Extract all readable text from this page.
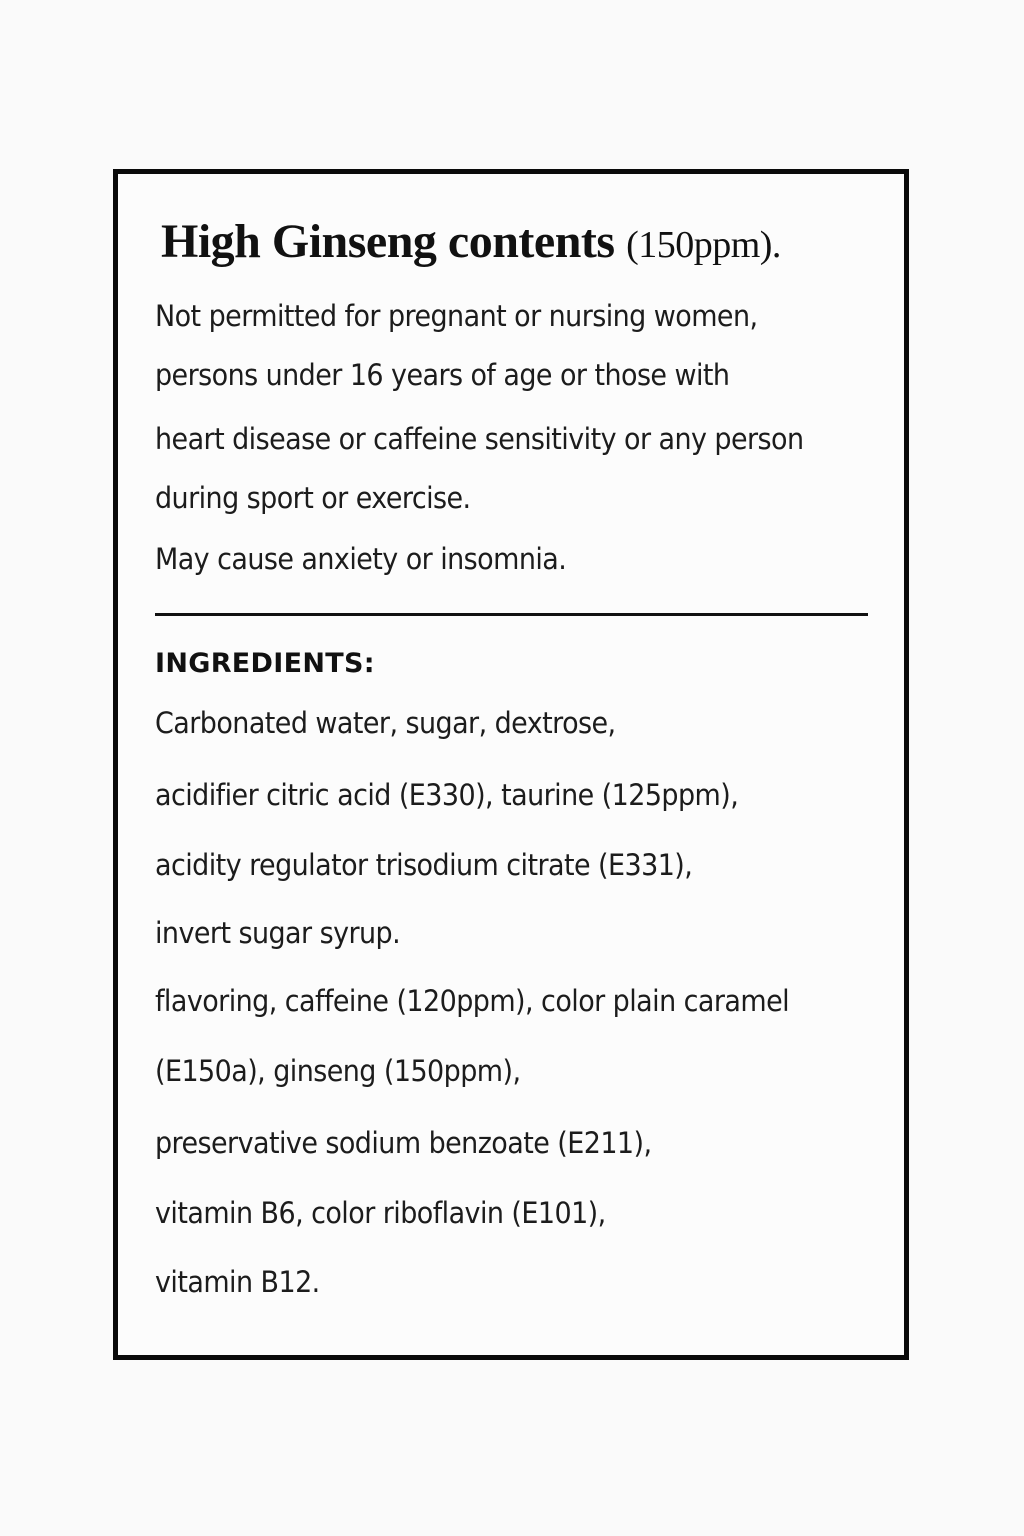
High Ginseng contents (150ppm).
Not permitted for pregnant or nursing women,
persons under 16 years of age or those with
heart disease or caffeine sensitivity or any person
during sport or exercise.
May cause anxiety or insomnia.
INGREDIENTS:
Carbonated water, sugar, dextrose,
acidifier citric acid (E330), taurine (125ppm),
acidity regulator trisodium citrate (E331),
invert sugar syrup.
flavoring, caffeine (120ppm), color plain caramel
(E150a), ginseng (150ppm),
preservative sodium benzoate (E211),
vitamin B6, color riboflavin (E101),
vitamin B12.
